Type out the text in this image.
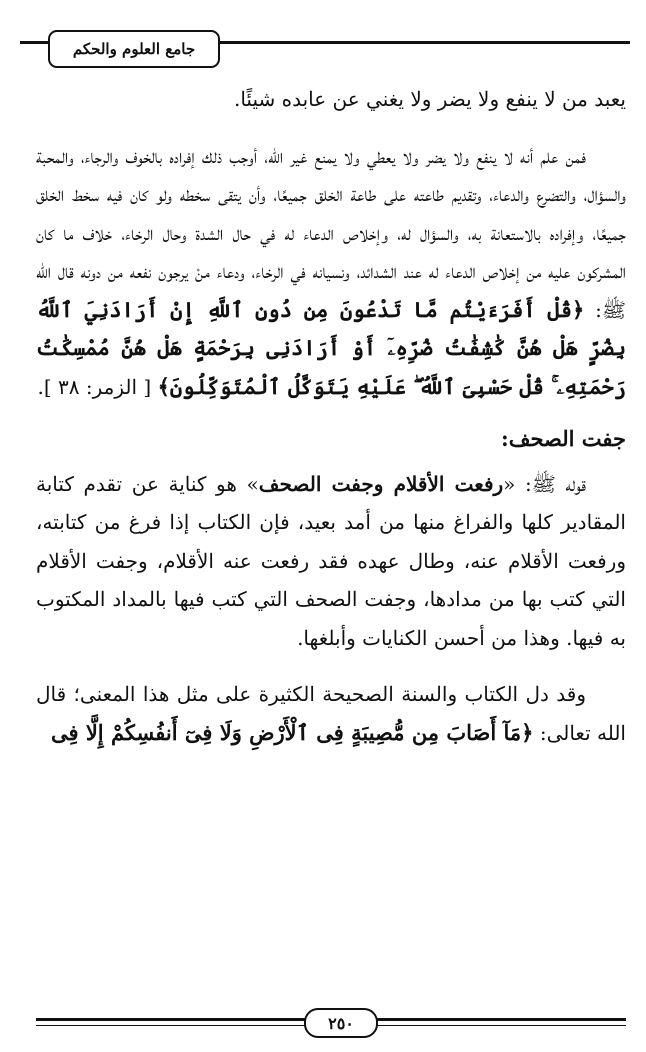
جامع العلوم والحكم

يعبد من لا ينفع ولا يضر ولا يغني عن عابده شيئًا.

فمن علم أنه لا ينفع ولا يضر ولا يعطي ولا يمنع غير الله، أوجب ذلك إفراده بالخوف والرجاء، والمحبة والسؤال، والتضرع والدعاء، وتقديم طاعته على طاعة الخلق جميعًا، وأن يتقى سخطه ولو كان فيه سخط الخلق جميعًا، وإفراده بالاستعانة به، والسؤال له، وإخلاص الدعاء له في حال الشدة وحال الرخاء، خلاف ما كان المشركون عليه من إخلاص الدعاء له عند الشدائد، ونسيانه في الرخاء، ودعاء منْ يرجون نفعه من دونه قال الله ﷺ: ﴿قُلْ أَفَرَءَيْتُم مَّا تَدْعُونَ مِن دُونِ ٱللَّهِ إِنْ أَرَادَنِيَ ٱللَّهُ بِضُرٍّ هَلْ هُنَّ كَٰشِفَٰتُ ضُرِّهِۦٓ أَوْ أَرَادَنِى بِرَحْمَةٍ هَلْ هُنَّ مُمْسِكَٰتُ رَحْمَتِهِۦ ۚ قُلْ حَسْبِىَ ٱللَّهُ ۖ عَلَيْهِ يَتَوَكَّلُ ٱلْمُتَوَكِّلُونَ﴾ [ الزمر: ٣٨ ].

جفت الصحف:

قوله ﷺ: «رفعت الأقلام وجفت الصحف» هو كناية عن تقدم كتابة المقادير كلها والفراغ منها من أمد بعيد، فإن الكتاب إذا فرغ من كتابته، ورفعت الأقلام عنه، وطال عهده فقد رفعت عنه الأقلام، وجفت الأقلام التي كتب بها من مدادها، وجفت الصحف التي كتب فيها بالمداد المكتوب به فيها. وهذا من أحسن الكنايات وأبلغها.

وقد دل الكتاب والسنة الصحيحة الكثيرة على مثل هذا المعنى؛ قال الله تعالى: ﴿مَآ أَصَابَ مِن مُّصِيبَةٍ فِى ٱلْأَرْضِ وَلَا فِىٓ أَنفُسِكُمْ إِلَّا فِى

٢٥٠
